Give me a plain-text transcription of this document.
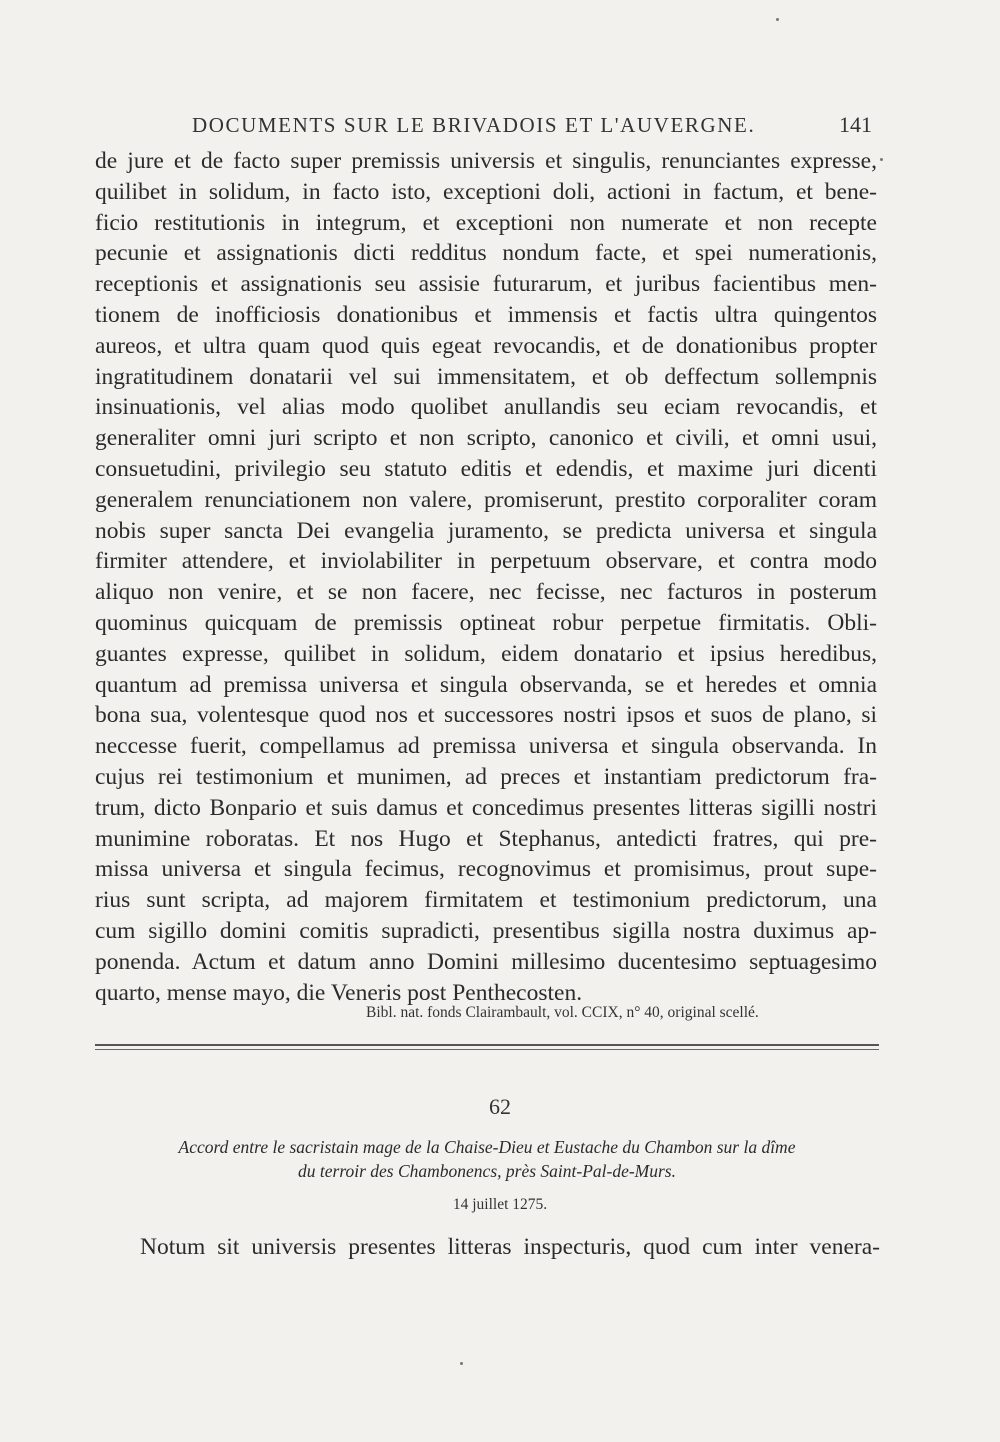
DOCUMENTS SUR LE BRIVADOIS ET L'AUVERGNE.	141

de jure et de facto super premissis universis et singulis, renunciantes expresse,
quilibet in solidum, in facto isto, exceptioni doli, actioni in factum, et bene-
ficio restitutionis in integrum, et exceptioni non numerate et non recepte
pecunie et assignationis dicti redditus nondum facte, et spei numerationis,
receptionis et assignationis seu assisie futurarum, et juribus facientibus men-
tionem de inofficiosis donationibus et immensis et factis ultra quingentos
aureos, et ultra quam quod quis egeat revocandis, et de donationibus propter
ingratitudinem donatarii vel sui immensitatem, et ob deffectum sollempnis
insinuationis, vel alias modo quolibet anullandis seu eciam revocandis, et
generaliter omni juri scripto et non scripto, canonico et civili, et omni usui,
consuetudini, privilegio seu statuto editis et edendis, et maxime juri dicenti
generalem renunciationem non valere, promiserunt, prestito corporaliter coram
nobis super sancta Dei evangelia juramento, se predicta universa et singula
firmiter attendere, et inviolabiliter in perpetuum observare, et contra modo
aliquo non venire, et se non facere, nec fecisse, nec facturos in posterum
quominus quicquam de premissis optineat robur perpetue firmitatis. Obli-
guantes expresse, quilibet in solidum, eidem donatario et ipsius heredibus,
quantum ad premissa universa et singula observanda, se et heredes et omnia
bona sua, volentesque quod nos et successores nostri ipsos et suos de plano, si
neccesse fuerit, compellamus ad premissa universa et singula observanda. In
cujus rei testimonium et munimen, ad preces et instantiam predictorum fra-
trum, dicto Bonpario et suis damus et concedimus presentes litteras sigilli nostri
munimine roboratas. Et nos Hugo et Stephanus, antedicti fratres, qui pre-
missa universa et singula fecimus, recognovimus et promisimus, prout supe-
rius sunt scripta, ad majorem firmitatem et testimonium predictorum, una
cum sigillo domini comitis supradicti, presentibus sigilla nostra duximus ap-
ponenda. Actum et datum anno Domini millesimo ducentesimo septuagesimo
quarto, mense mayo, die Veneris post Penthecosten.

Bibl. nat. fonds Clairambault, vol. CCIX, n° 40, original scellé.
62
Accord entre le sacristain mage de la Chaise-Dieu et Eustache du Chambon sur la dîme
du terroir des Chambonencs, près Saint-Pal-de-Murs.
14 juillet 1275.
Notum sit universis presentes litteras inspecturis, quod cum inter venera-
